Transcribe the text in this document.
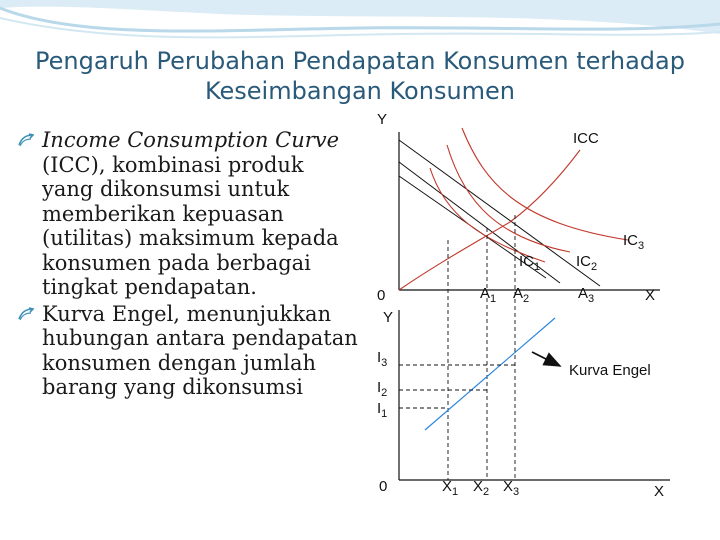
Pengaruh Perubahan Pendapatan Konsumen terhadap
Keseimbangan Konsumen
Income Consumption Curve (ICC), kombinasi produk yang dikonsumsi untuk memberikan kepuasan (utilitas) maksimum kepada konsumen pada berbagai tingkat pendapatan.
Kurva Engel, menunjukkan hubungan antara pendapatan konsumen dengan jumlah barang yang dikonsumsi
Y
0	X
ICC
$IC_1$ $IC_2$
$IC_3$
$A_1$ $A_2$	$A_3$
Y
0	X
Kurva Engel
$I_3$
$I_2$
$I_1$
$X_1$ $X_2$ $X_3$
